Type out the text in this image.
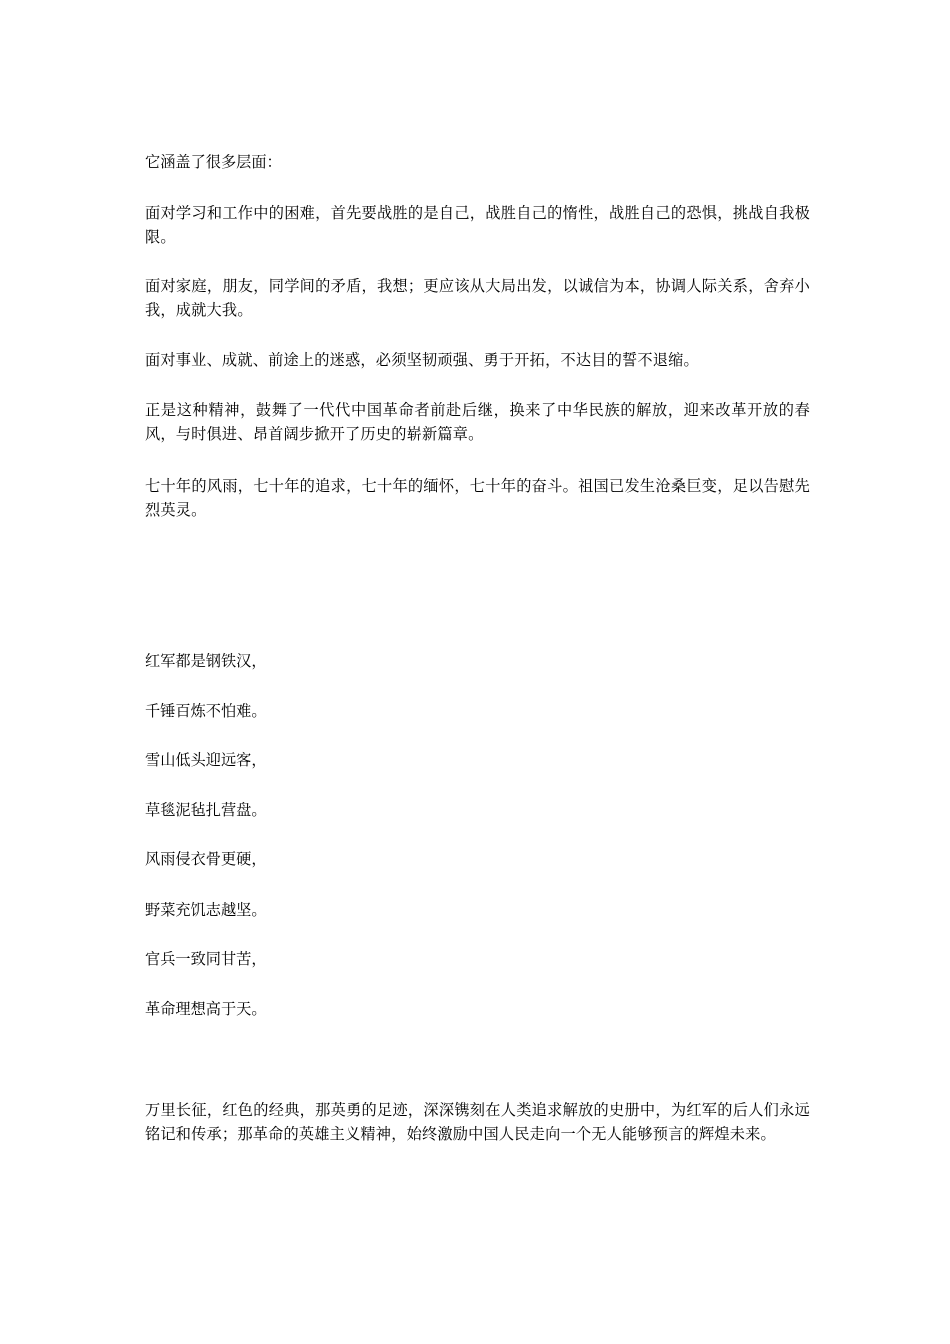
它涵盖了很多层面：

面对学习和工作中的困难，首先要战胜的是自己，战胜自己的惰性，战胜自己的恐惧，挑战自我极限。

面对家庭，朋友，同学间的矛盾，我想；更应该从大局出发，以诚信为本，协调人际关系，舍弃小我，成就大我。

面对事业、成就、前途上的迷惑，必须坚韧顽强、勇于开拓，不达目的誓不退缩。

正是这种精神，鼓舞了一代代中国革命者前赴后继，换来了中华民族的解放，迎来改革开放的春风，与时俱进、昂首阔步掀开了历史的崭新篇章。

七十年的风雨，七十年的追求，七十年的缅怀，七十年的奋斗。祖国已发生沧桑巨变，足以告慰先烈英灵。

红军都是钢铁汉，

千锤百炼不怕难。

雪山低头迎远客，

草毯泥毡扎营盘。

风雨侵衣骨更硬，

野菜充饥志越坚。

官兵一致同甘苦，

革命理想高于天。

万里长征，红色的经典，那英勇的足迹，深深镌刻在人类追求解放的史册中，为红军的后人们永远铭记和传承；那革命的英雄主义精神，始终激励中国人民走向一个无人能够预言的辉煌未来。
